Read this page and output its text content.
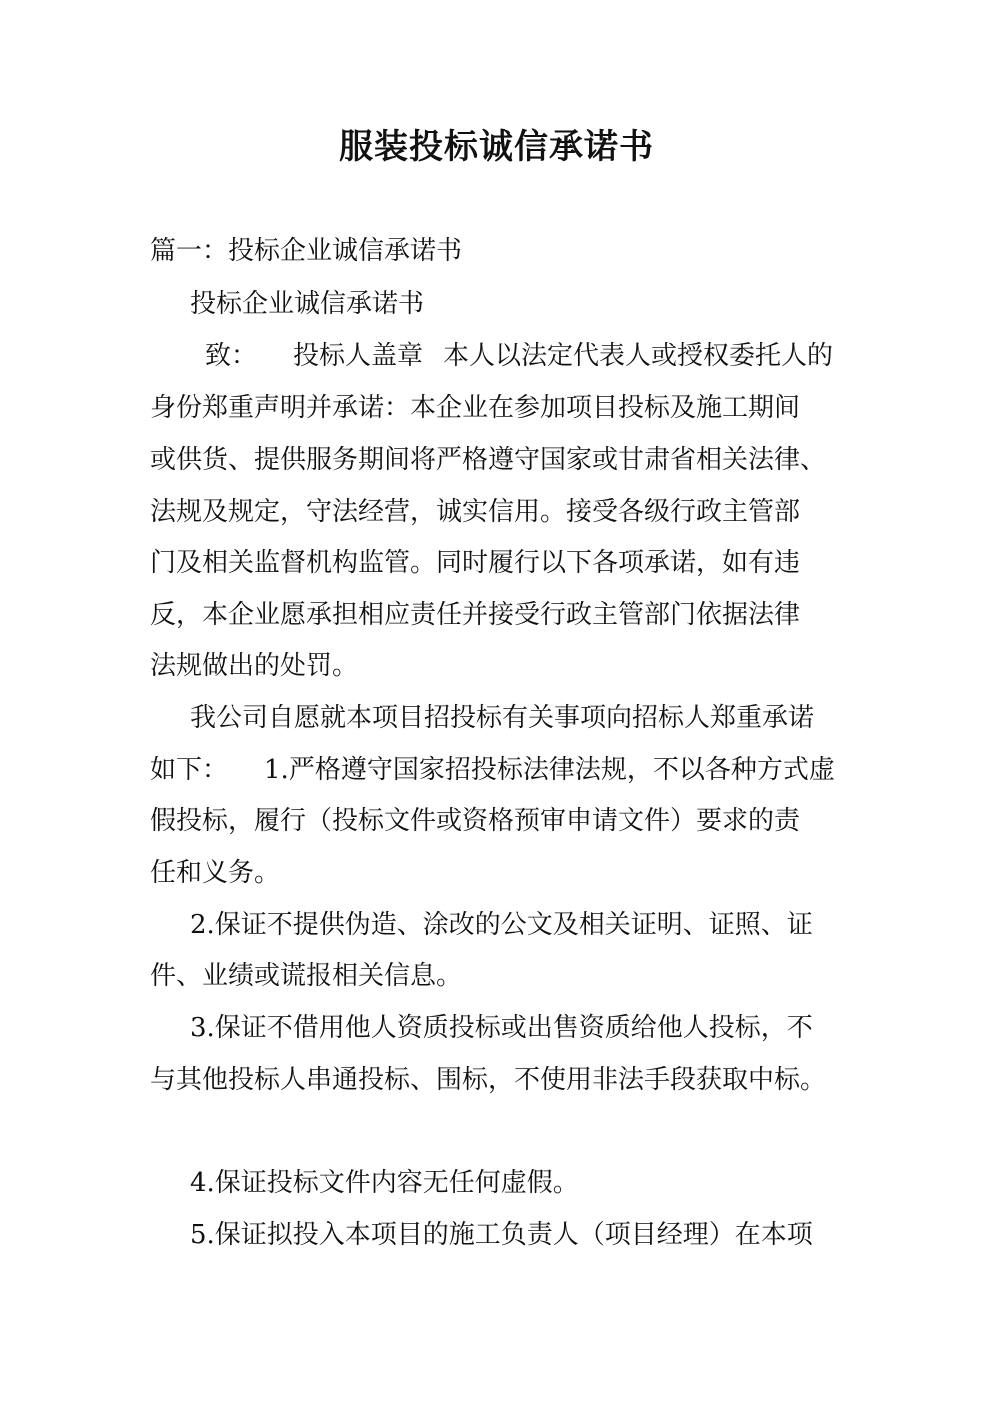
服装投标诚信承诺书

篇一：投标企业诚信承诺书

投标企业诚信承诺书

致： 投标人盖章 本人以法定代表人或授权委托人的

身份郑重声明并承诺：本企业在参加项目投标及施工期间

或供货、提供服务期间将严格遵守国家或甘肃省相关法律、

法规及规定，守法经营，诚实信用。接受各级行政主管部

门及相关监督机构监管。同时履行以下各项承诺，如有违

反，本企业愿承担相应责任并接受行政主管部门依据法律

法规做出的处罚。

我公司自愿就本项目招投标有关事项向招标人郑重承诺

如下： 1.严格遵守国家招投标法律法规，不以各种方式虚

假投标，履行（投标文件或资格预审申请文件）要求的责

任和义务。

2.保证不提供伪造、涂改的公文及相关证明、证照、证

件、业绩或谎报相关信息。

3.保证不借用他人资质投标或出售资质给他人投标，不

与其他投标人串通投标、围标，不使用非法手段获取中标。

4.保证投标文件内容无任何虚假。

5.保证拟投入本项目的施工负责人（项目经理）在本项
